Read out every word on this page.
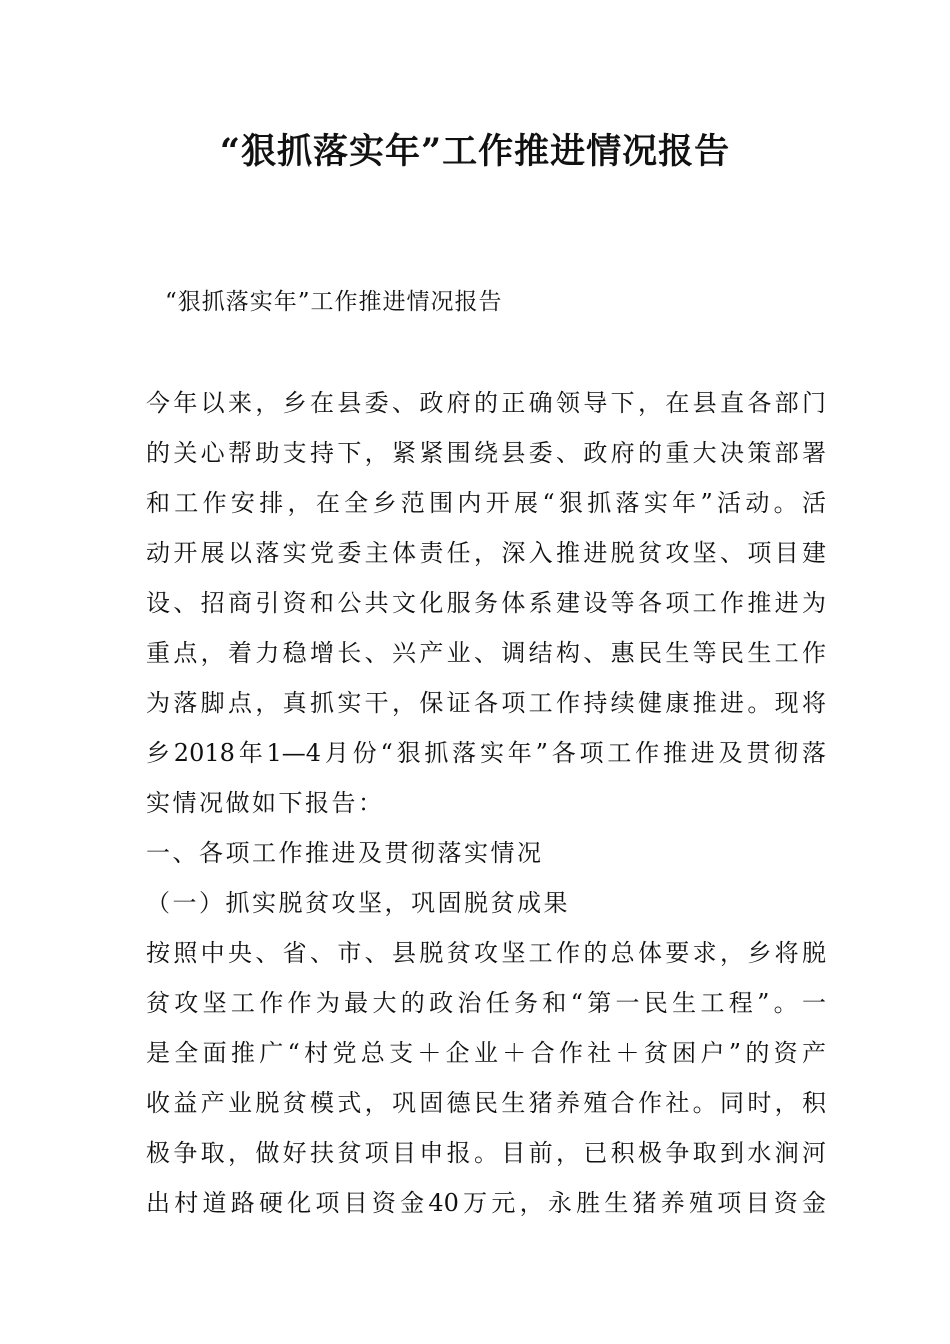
“狠抓落实年”工作推进情况报告

“狠抓落实年”工作推进情况报告

今年以来，乡在县委、政府的正确领导下，在县直各部门
的关心帮助支持下，紧紧围绕县委、政府的重大决策部署
和工作安排，在全乡范围内开展“狠抓落实年”活动。活
动开展以落实党委主体责任，深入推进脱贫攻坚、项目建
设、招商引资和公共文化服务体系建设等各项工作推进为
重点，着力稳增长、兴产业、调结构、惠民生等民生工作
为落脚点，真抓实干，保证各项工作持续健康推进。现将
乡2018年1—4月份“狠抓落实年”各项工作推进及贯彻落
实情况做如下报告：
一、各项工作推进及贯彻落实情况
（一）抓实脱贫攻坚，巩固脱贫成果
按照中央、省、市、县脱贫攻坚工作的总体要求，乡将脱
贫攻坚工作作为最大的政治任务和“第一民生工程”。一
是全面推广“村党总支＋企业＋合作社＋贫困户”的资产
收益产业脱贫模式，巩固德民生猪养殖合作社。同时，积
极争取，做好扶贫项目申报。目前，已积极争取到水涧河
出村道路硬化项目资金40万元，永胜生猪养殖项目资金
